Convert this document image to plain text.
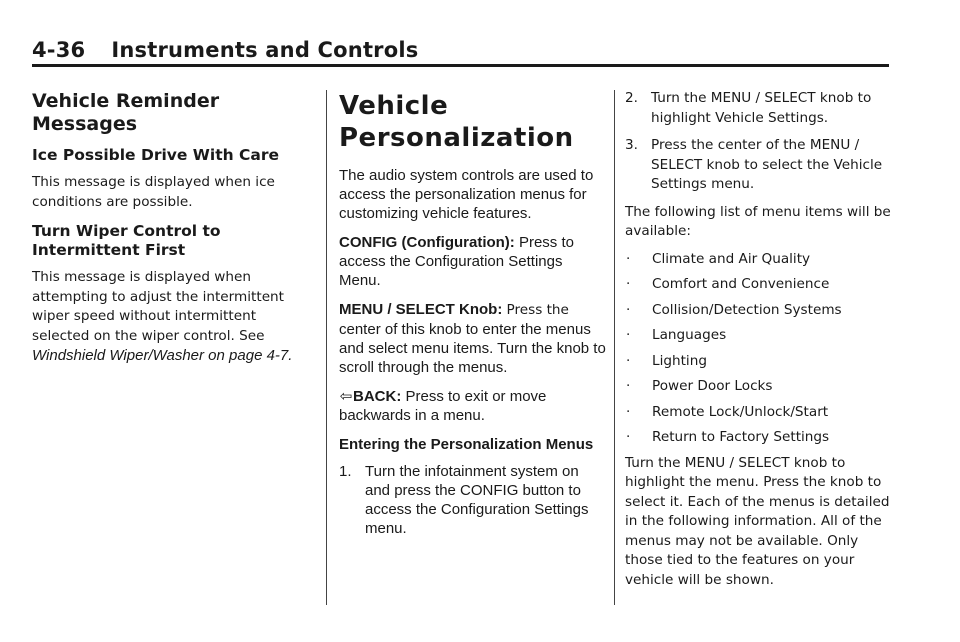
4-36 Instruments and Controls
Vehicle Reminder Messages
Ice Possible Drive With Care

This message is displayed when ice conditions are possible.

Turn Wiper Control to Intermittent First

This message is displayed when attempting to adjust the intermittent wiper speed without intermittent selected on the wiper control. See Windshield Wiper/Washer on page 4-7.

Vehicle Personalization

The audio system controls are used to access the personalization menus for customizing vehicle features.

CONFIG (Configuration): Press to access the Configuration Settings Menu.

MENU / SELECT Knob: Press the center of this knob to enter the menus and select menu items. Turn the knob to scroll through the menus.

⇦BACK: Press to exit or move backwards in a menu.

Entering the Personalization Menus

1. Turn the infotainment system on and press the CONFIG button to access the Configuration Settings menu.
2. Turn the MENU / SELECT knob to highlight Vehicle Settings.
3. Press the center of the MENU / SELECT knob to select the Vehicle Settings menu.

The following list of menu items will be available:

·	Climate and Air Quality
·	Comfort and Convenience
·	Collision/Detection Systems
·	Languages
·	Lighting
·	Power Door Locks
·	Remote Lock/Unlock/Start
·	Return to Factory Settings

Turn the MENU / SELECT knob to highlight the menu. Press the knob to select it. Each of the menus is detailed in the following information. All of the menus may not be available. Only those tied to the features on your vehicle will be shown.
